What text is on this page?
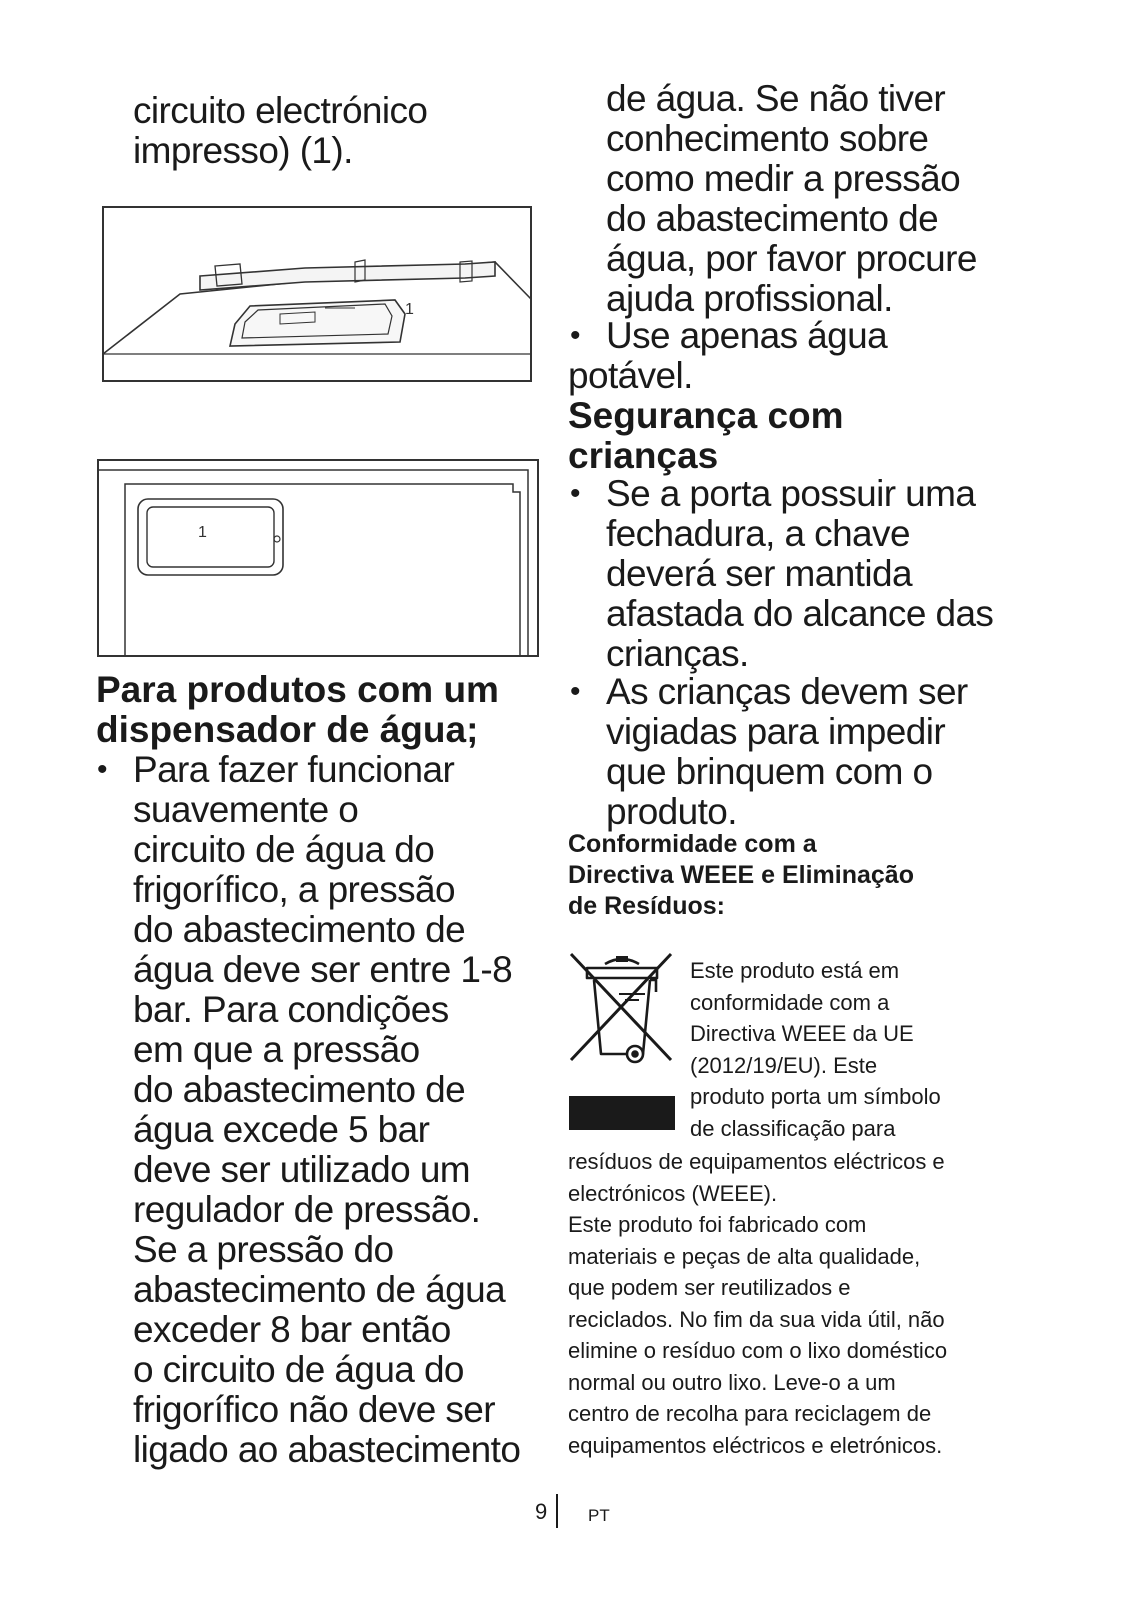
circuito electrónico
impresso) (1).
1
1
Para produtos com um
dispensador de água;
• Para fazer funcionar
suavemente o
circuito de água do
frigorífico, a pressão
do abastecimento de
água deve ser entre 1-8
bar. Para condições
em que a pressão
do abastecimento de
água excede 5 bar
deve ser utilizado um
regulador de pressão.
Se a pressão do
abastecimento de água
exceder 8 bar então
o circuito de água do
frigorífico não deve ser
ligado ao abastecimento
de água. Se não tiver
conhecimento sobre
como medir a pressão
do abastecimento de
água, por favor procure
ajuda profissional.
• Use apenas água
potável.
Segurança com
crianças
• Se a porta possuir uma
fechadura, a chave
deverá ser mantida
afastada do alcance das
crianças.
• As crianças devem ser
vigiadas para impedir
que brinquem com o
produto.
Conformidade com a
Directiva WEEE e Eliminação
de Resíduos:
Este produto está em
conformidade com a
Directiva WEEE da UE
(2012/19/EU). Este
produto porta um símbolo
de classificação para
resíduos de equipamentos eléctricos e
electrónicos (WEEE).
Este produto foi fabricado com
materiais e peças de alta qualidade,
que podem ser reutilizados e
reciclados. No fim da sua vida útil, não
elimine o resíduo com o lixo doméstico
normal ou outro lixo. Leve-o a um
centro de recolha para reciclagem de
equipamentos eléctricos e eletrónicos.
9 PT
